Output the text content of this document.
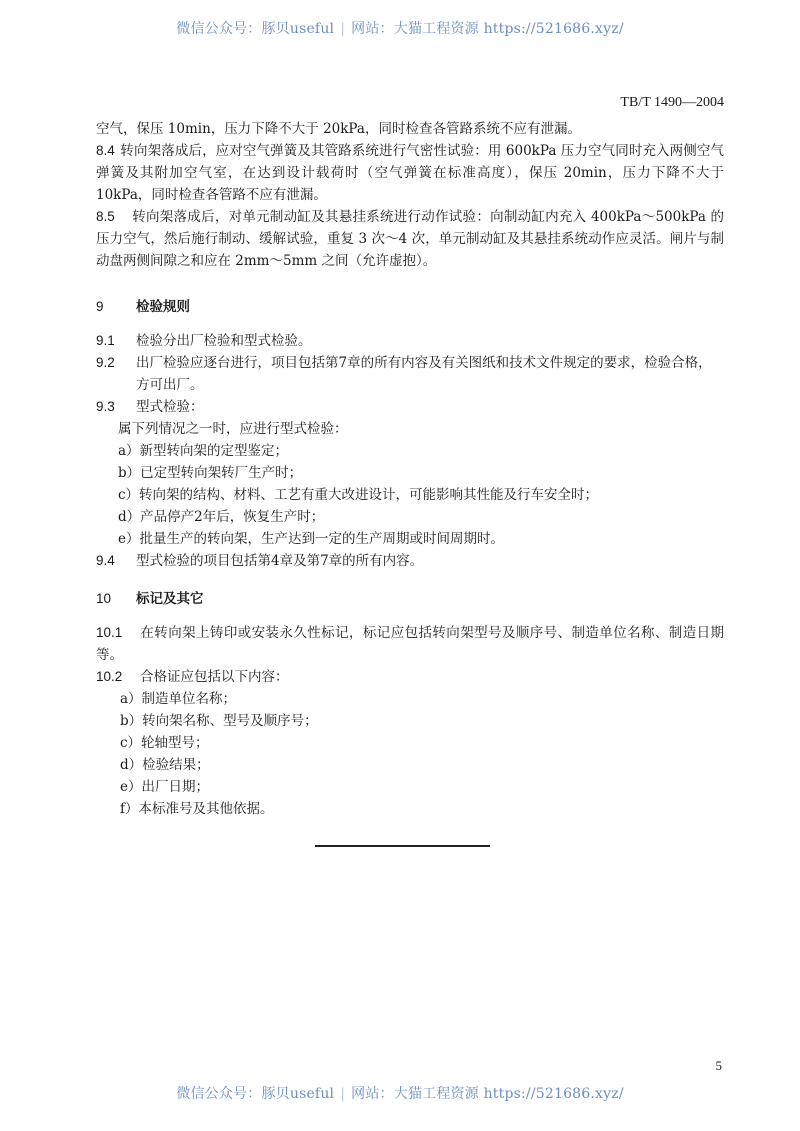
微信公众号：豚贝useful | 网站：大猫工程资源 https://521686.xyz/
TB/T 1490—2004

空气，保压 10min，压力下降不大于 20kPa，同时检查各管路系统不应有泄漏。

8.4 转向架落成后，应对空气弹簧及其管路系统进行气密性试验：用 600kPa 压力空气同时充入两侧空气弹簧及其附加空气室，在达到设计载荷时（空气弹簧在标准高度），保压 20min，压力下降不大于 10kPa，同时检查各管路不应有泄漏。

8.5 转向架落成后，对单元制动缸及其悬挂系统进行动作试验：向制动缸内充入 400kPa～500kPa 的压力空气，然后施行制动、缓解试验，重复 3 次～4 次，单元制动缸及其悬挂系统动作应灵活。闸片与制动盘两侧间隙之和应在 2mm～5mm 之间（允许虚抱）。

9	检验规则
9.1	检验分出厂检验和型式检验。
9.2	出厂检验应逐台进行，项目包括第7章的所有内容及有关图纸和技术文件规定的要求，检验合格，方可出厂。
9.3	型式检验：
属下列情况之一时，应进行型式检验：
a）新型转向架的定型鉴定；
b）已定型转向架转厂生产时；
c）转向架的结构、材料、工艺有重大改进设计，可能影响其性能及行车安全时；
d）产品停产2年后，恢复生产时；
e）批量生产的转向架，生产达到一定的生产周期或时间周期时。
9.4	型式检验的项目包括第4章及第7章的所有内容。
10	标记及其它

10.1 在转向架上铸印或安装永久性标记，标记应包括转向架型号及顺序号、制造单位名称、制造日期等。

10.2	合格证应包括以下内容：
a）制造单位名称；
b）转向架名称、型号及顺序号；
c）轮轴型号；
d）检验结果；
e）出厂日期；
f）本标准号及其他依据。
5
微信公众号：豚贝useful | 网站：大猫工程资源 https://521686.xyz/
